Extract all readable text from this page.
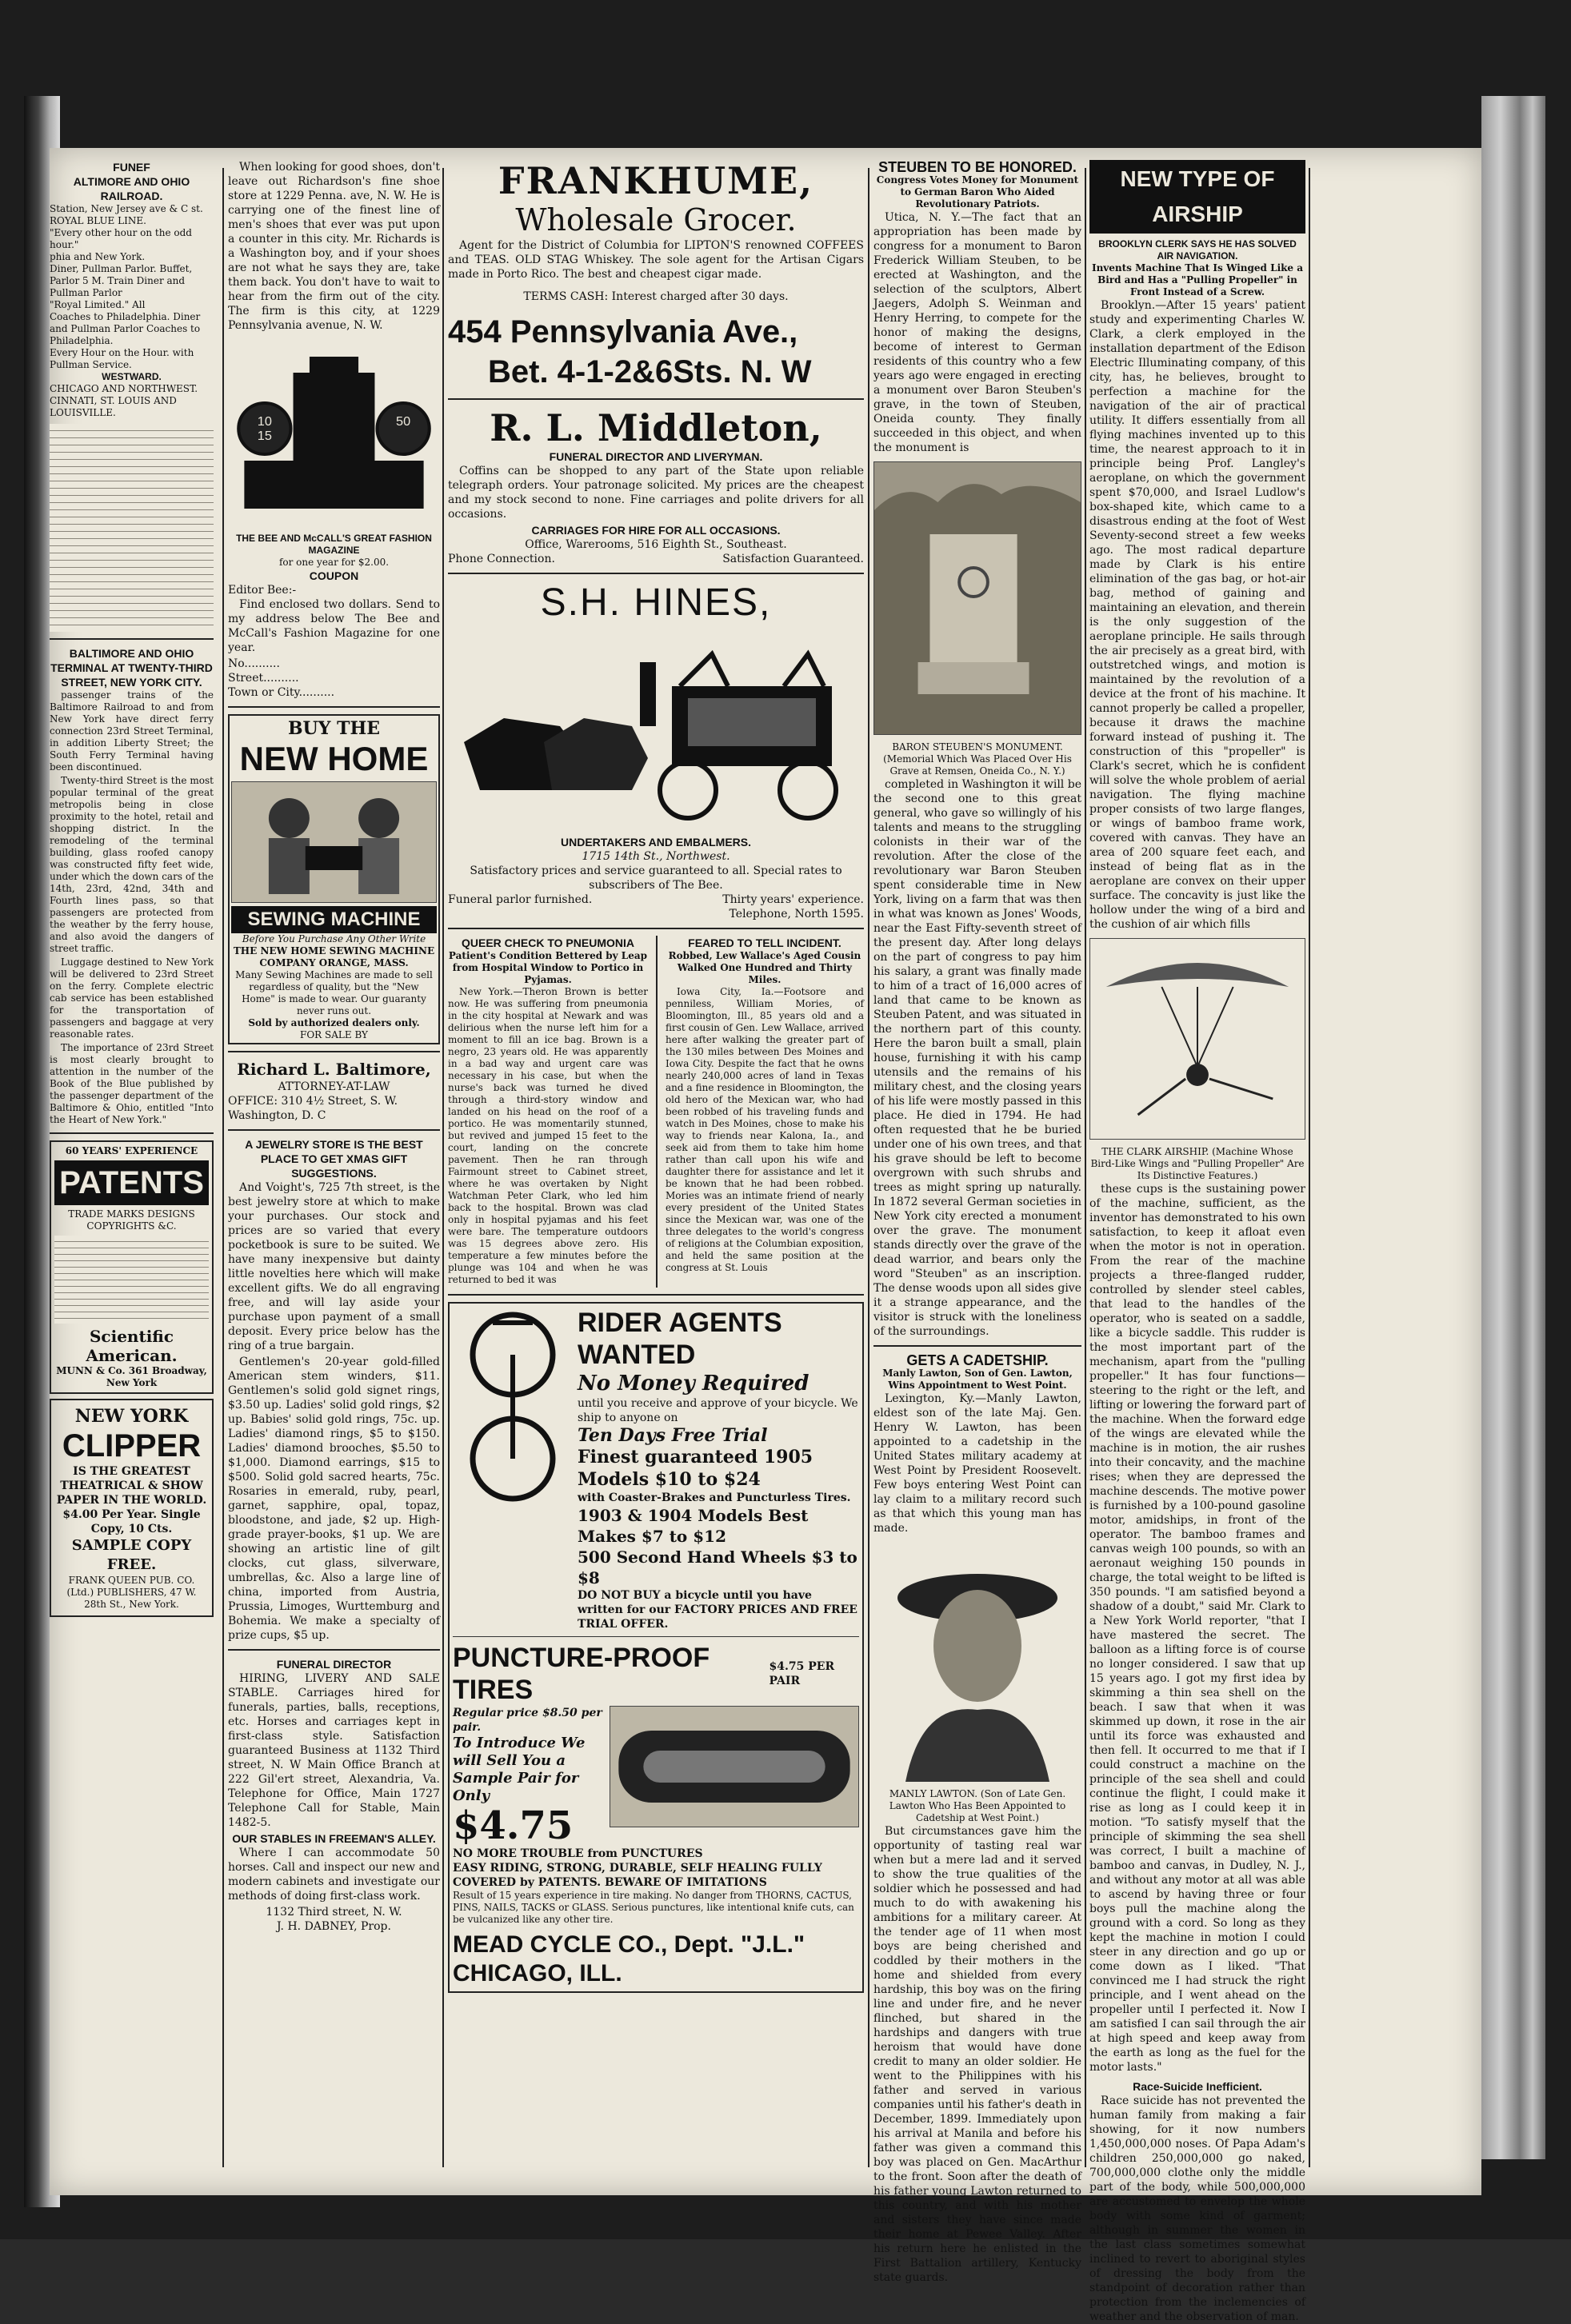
FUNEF
ALTIMORE AND OHIO RAILROAD.
Station, New Jersey ave & C st. ROYAL BLUE LINE.
"Every other hour on the odd hour."
phia and New York.
Diner, Pullman Parlor. Buffet, Parlor 5 M. Train Diner and Pullman Parlor
"Royal Limited." All
Coaches to Philadelphia. Diner and Pullman Parlor Coaches to Philadelphia.
Every Hour on the Hour. with Pullman Service.
WESTWARD.
CHICAGO AND NORTHWEST.
CINNATI, ST. LOUIS AND LOUISVILLE.
BALTIMORE AND OHIO TERMINAL AT TWENTY-THIRD STREET, NEW YORK CITY.
passenger trains of the Baltimore Railroad to and from New York have direct ferry connection 23rd Street Terminal, in addition Liberty Street; the South Ferry Terminal having been discontinued.
Twenty-third Street is the most popular terminal of the great metropolis being in close proximity to the hotel, retail and shopping district. In the remodeling of the terminal building, glass roofed canopy was constructed fifty feet wide, under which the down cars of the 14th, 23rd, 42nd, 34th and Fourth lines pass, so that passengers are protected from the weather by the ferry house, and also avoid the dangers of street traffic.
Luggage destined to New York will be delivered to 23rd Street on the ferry. Complete electric cab service has been established for the transportation of passengers and baggage at very reasonable rates.
The importance of 23rd Street is most clearly brought to attention in the number of the Book of the Blue published by the passenger department of the Baltimore & Ohio, entitled "Into the Heart of New York."
60 YEARS' EXPERIENCE
PATENTS
TRADE MARKS DESIGNS COPYRIGHTS &C.
Scientific American.
MUNN & Co. 361 Broadway, New York
NEW YORK
CLIPPER
IS THE GREATEST THEATRICAL & SHOW PAPER IN THE WORLD.
$4.00 Per Year. Single Copy, 10 Cts.
SAMPLE COPY FREE.
FRANK QUEEN PUB. CO. (Ltd.) PUBLISHERS, 47 W. 28th St., New York.
When looking for good shoes, don't leave out Richardson's fine shoe store at 1229 Penna. ave, N. W. He is carrying one of the finest line of men's shoes that ever was put upon a counter in this city. Mr. Richards is a Washington boy, and if your shoes are not what he says they are, take them back. You don't have to wait to hear from the firm out of the city. The firm is this city, at 1229 Pennsylvania avenue, N. W.
10
15
50
THE BEE AND McCALL'S GREAT FASHION MAGAZINE
for one year for $2.00.
COUPON
Editor Bee:-
Find enclosed two dollars. Send to my address below The Bee and McCall's Fashion Magazine for one year.
No..........
Street..........
Town or City..........
BUY THE
NEW HOME
SEWING MACHINE
Before You Purchase Any Other Write
THE NEW HOME SEWING MACHINE COMPANY ORANGE, MASS.
Many Sewing Machines are made to sell regardless of quality, but the "New Home" is made to wear. Our guaranty never runs out.
Sold by authorized dealers only.
FOR SALE BY
Richard L. Baltimore,
ATTORNEY-AT-LAW
OFFICE: 310 4½ Street, S. W. Washington, D. C
A JEWELRY STORE IS THE BEST PLACE TO GET XMAS GIFT SUGGESTIONS.
And Voight's, 725 7th street, is the best jewelry store at which to make your purchases. Our stock and prices are so varied that every pocketbook is sure to be suited. We have many inexpensive but dainty little novelties here which will make excellent gifts. We do all engraving free, and will lay aside your purchase upon payment of a small deposit. Every price below has the ring of a true bargain.
Gentlemen's 20-year gold-filled American stem winders, $11. Gentlemen's solid gold signet rings, $3.50 up. Ladies' solid gold rings, $2 up. Babies' solid gold rings, 75c. up. Ladies' diamond rings, $5 to $150. Ladies' diamond brooches, $5.50 to $1,000. Diamond earrings, $15 to $500. Solid gold sacred hearts, 75c. Rosaries in emerald, ruby, pearl, garnet, sapphire, opal, topaz, bloodstone, and jade, $2 up. High-grade prayer-books, $1 up. We are showing an artistic line of gilt clocks, cut glass, silverware, umbrellas, &c. Also a large line of china, imported from Austria, Prussia, Limoges, Wurttemburg and Bohemia. We make a specialty of prize cups, $5 up.
FUNERAL DIRECTOR
HIRING, LIVERY AND SALE STABLE. Carriages hired for funerals, parties, balls, receptions, etc. Horses and carriages kept in first-class style. Satisfaction guaranteed Business at 1132 Third street, N. W Main Office Branch at 222 Gil'ert street, Alexandria, Va. Telephone for Office, Main 1727 Telephone Call for Stable, Main 1482-5.
OUR STABLES IN FREEMAN'S ALLEY.
Where I can accommodate 50 horses. Call and inspect our new and modern cabinets and investigate our methods of doing first-class work.
1132 Third street, N. W.
J. H. DABNEY, Prop.
FRANKHUME,
Wholesale Grocer.
Agent for the District of Columbia for LIPTON'S renowned COFFEES and TEAS. OLD STAG Whiskey. The sole agent for the Artisan Cigars made in Porto Rico. The best and cheapest cigar made.
TERMS CASH: Interest charged after 30 days.
454 Pennsylvania Ave.,
Bet. 4-1-2&6Sts. N. W
R. L. Middleton,
FUNERAL DIRECTOR AND LIVERYMAN.
Coffins can be shopped to any part of the State upon reliable telegraph orders. Your patronage solicited. My prices are the cheapest and my stock second to none. Fine carriages and polite drivers for all occasions.
CARRIAGES FOR HIRE FOR ALL OCCASIONS.
Office, Warerooms, 516 Eighth St., Southeast.
Phone Connection.	Satisfaction Guaranteed.
S.H. HINES,
UNDERTAKERS AND EMBALMERS.
1715 14th St., Northwest.
Satisfactory prices and service guaranteed to all. Special rates to subscribers of The Bee.
Funeral parlor furnished.	Thirty years' experience.
Telephone, North 1595.
QUEER CHECK TO PNEUMONIA
Patient's Condition Bettered by Leap from Hospital Window to Portico in Pyjamas.
New York.—Theron Brown is better now. He was suffering from pneumonia in the city hospital at Newark and was delirious when the nurse left him for a moment to fill an ice bag. Brown is a negro, 23 years old. He was apparently in a bad way and urgent care was necessary in his case, but when the nurse's back was turned he dived through a third-story window and landed on his head on the roof of a portico. He was momentarily stunned, but revived and jumped 15 feet to the court, landing on the concrete pavement. Then he ran through Fairmount street to Cabinet street, where he was overtaken by Night Watchman Peter Clark, who led him back to the hospital. Brown was clad only in hospital pyjamas and his feet were bare. The temperature outdoors was 15 degrees above zero. His temperature a few minutes before the plunge was 104 and when he was returned to bed it was
FEARED TO TELL INCIDENT.
Robbed, Lew Wallace's Aged Cousin Walked One Hundred and Thirty Miles.
Iowa City, Ia.—Footsore and penniless, William Mories, of Bloomington, Ill., 85 years old and a first cousin of Gen. Lew Wallace, arrived here after walking the greater part of the 130 miles between Des Moines and Iowa City. Despite the fact that he owns nearly 240,000 acres of land in Texas and a fine residence in Bloomington, the old hero of the Mexican war, who had been robbed of his traveling funds and watch in Des Moines, chose to make his way to friends near Kalona, Ia., and seek aid from them to take him home rather than call upon his wife and daughter there for assistance and let it be known that he had been robbed. Mories was an intimate friend of nearly every president of the United States since the Mexican war, was one of the three delegates to the world's congress of religions at the Columbian exposition, and held the same position at the congress at St. Louis
RIDER AGENTS WANTED
No Money Required
until you receive and approve of your bicycle. We ship to anyone on
Ten Days Free Trial
Finest guaranteed 1905 Models $10 to $24
with Coaster-Brakes and Puncturless Tires.
1903 & 1904 Models Best Makes $7 to $12
500 Second Hand Wheels $3 to $8
DO NOT BUY a bicycle until you have written for our FACTORY PRICES AND FREE TRIAL OFFER.
PUNCTURE-PROOF TIRES
$4.75 PER PAIR
Regular price $8.50 per pair.
To Introduce We will Sell You a Sample Pair for Only
$4.75
NO MORE TROUBLE from PUNCTURES
EASY RIDING, STRONG, DURABLE, SELF HEALING FULLY COVERED by PATENTS. BEWARE OF IMITATIONS
Result of 15 years experience in tire making. No danger from THORNS, CACTUS, PINS, NAILS, TACKS or GLASS. Serious punctures, like intentional knife cuts, can be vulcanized like any other tire.
MEAD CYCLE CO., Dept. "J.L." CHICAGO, ILL.
STEUBEN TO BE HONORED.
Congress Votes Money for Monument to German Baron Who Aided Revolutionary Patriots.
Utica, N. Y.—The fact that an appropriation has been made by congress for a monument to Baron Frederick William Steuben, to be erected at Washington, and the selection of the sculptors, Albert Jaegers, Adolph S. Weinman and Henry Herring, to compete for the honor of making the designs, become of interest to German residents of this country who a few years ago were engaged in erecting a monument over Baron Steuben's grave, in the town of Steuben, Oneida county. They finally succeeded in this object, and when the monument is
BARON STEUBEN'S MONUMENT. (Memorial Which Was Placed Over His Grave at Remsen, Oneida Co., N. Y.)
completed in Washington it will be the second one to this great general, who gave so willingly of his talents and means to the struggling colonists in their war of the revolution. After the close of the revolutionary war Baron Steuben spent considerable time in New York, living on a farm that was then in what was known as Jones' Woods, near the East Fifty-seventh street of the present day. After long delays on the part of congress to pay him his salary, a grant was finally made to him of a tract of 16,000 acres of land that came to be known as Steuben Patent, and was situated in the northern part of this county. Here the baron built a small, plain house, furnishing it with his camp utensils and the remains of his military chest, and the closing years of his life were mostly passed in this place. He died in 1794. He had often requested that he be buried under one of his own trees, and that his grave should be left to become overgrown with such shrubs and trees as might spring up naturally. In 1872 several German societies in New York city erected a monument over the grave. The monument stands directly over the grave of the dead warrior, and bears only the word "Steuben" as an inscription. The dense woods upon all sides give it a strange appearance, and the visitor is struck with the loneliness of the surroundings.
GETS A CADETSHIP.
Manly Lawton, Son of Gen. Lawton, Wins Appointment to West Point.
Lexington, Ky.—Manly Lawton, eldest son of the late Maj. Gen. Henry W. Lawton, has been appointed to a cadetship in the United States military academy at West Point by President Roosevelt. Few boys entering West Point can lay claim to a military record such as that which this young man has made.
MANLY LAWTON. (Son of Late Gen. Lawton Who Has Been Appointed to Cadetship at West Point.)
But circumstances gave him the opportunity of tasting real war when but a mere lad and it served to show the true qualities of the soldier which he possessed and had much to do with awakening his ambitions for a military career. At the tender age of 11 when most boys are being cherished and coddled by their mothers in the home and shielded from every hardship, this boy was on the firing line and under fire, and he never flinched, but shared in the hardships and dangers with true heroism that would have done credit to many an older soldier. He went to the Philippines with his father and served in various companies until his father's death in December, 1899. Immediately upon his arrival at Manila and before his father was given a command this boy was placed on Gen. MacArthur to the front. Soon after the death of his father young Lawton returned to this country, and with his mother and sisters they have since made their home at Pewee Valley. After his return here he enlisted in the First Battalion artillery, Kentucky state guards.
NEW TYPE OF AIRSHIP
BROOKLYN CLERK SAYS HE HAS SOLVED AIR NAVIGATION.
Invents Machine That Is Winged Like a Bird and Has a "Pulling Propeller" in Front Instead of a Screw.
Brooklyn.—After 15 years' patient study and experimenting Charles W. Clark, a clerk employed in the installation department of the Edison Electric Illuminating company, of this city, has, he believes, brought to perfection a machine for the navigation of the air of practical utility. It differs essentially from all flying machines invented up to this time, the nearest approach to it in principle being Prof. Langley's aeroplane, on which the government spent $70,000, and Israel Ludlow's box-shaped kite, which came to a disastrous ending at the foot of West Seventy-second street a few weeks ago. The most radical departure made by Clark is his entire elimination of the gas bag, or hot-air bag, method of gaining and maintaining an elevation, and therein is the only suggestion of the aeroplane principle. He sails through the air precisely as a great bird, with outstretched wings, and motion is maintained by the revolution of a device at the front of his machine. It cannot properly be called a propeller, because it draws the machine forward instead of pushing it. The construction of this "propeller" is Clark's secret, which he is confident will solve the whole problem of aerial navigation. The flying machine proper consists of two large flanges, or wings of bamboo frame work, covered with canvas. They have an area of 200 square feet each, and instead of being flat as in the aeroplane are convex on their upper surface. The concavity is just like the hollow under the wing of a bird and the cushion of air which fills
THE CLARK AIRSHIP. (Machine Whose Bird-Like Wings and "Pulling Propeller" Are Its Distinctive Features.)
these cups is the sustaining power of the machine, sufficient, as the inventor has demonstrated to his own satisfaction, to keep it afloat even when the motor is not in operation. From the rear of the machine projects a three-flanged rudder, controlled by slender steel cables, that lead to the handles of the operator, who is seated on a saddle, like a bicycle saddle. This rudder is the most important part of the mechanism, apart from the "pulling propeller." It has four functions—steering to the right or the left, and lifting or lowering the forward part of the machine. When the forward edge of the wings are elevated while the machine is in motion, the air rushes into their concavity, and the machine rises; when they are depressed the machine descends. The motive power is furnished by a 100-pound gasoline motor, amidships, in front of the operator. The bamboo frames and canvas weigh 100 pounds, so with an aeronaut weighing 150 pounds in charge, the total weight to be lifted is 350 pounds. "I am satisfied beyond a shadow of a doubt," said Mr. Clark to a New York World reporter, "that I have mastered the secret. The balloon as a lifting force is of course no longer considered. I saw that up 15 years ago. I got my first idea by skimming a thin sea shell on the beach. I saw that when it was skimmed up down, it rose in the air until its force was exhausted and then fell. It occurred to me that if I could construct a machine on the principle of the sea shell and could continue the flight, I could make it rise as long as I could keep it in motion. "To satisfy myself that the principle of skimming the sea shell was correct, I built a machine of bamboo and canvas, in Dudley, N. J., and without any motor at all was able to ascend by having three or four boys pull the machine along the ground with a cord. So long as they kept the machine in motion I could steer in any direction and go up or come down as I liked. "That convinced me I had struck the right principle, and I went ahead on the propeller until I perfected it. Now I am satisfied I can sail through the air at high speed and keep away from the earth as long as the fuel for the motor lasts."
Race-Suicide Inefficient.
Race suicide has not prevented the human family from making a fair showing, for it now numbers 1,450,000,000 noses. Of Papa Adam's children 250,000,000 go naked, 700,000,000 clothe only the middle part of the body, while 500,000,000 are accustomed to envelop the whole body with some kind of garment; although in summer the women in the last class sometimes somewhat inclined to revert to aboriginal styles of dressing the body from the standpoint of decoration rather than protection from the inclemencies of weather and the observation of man.
